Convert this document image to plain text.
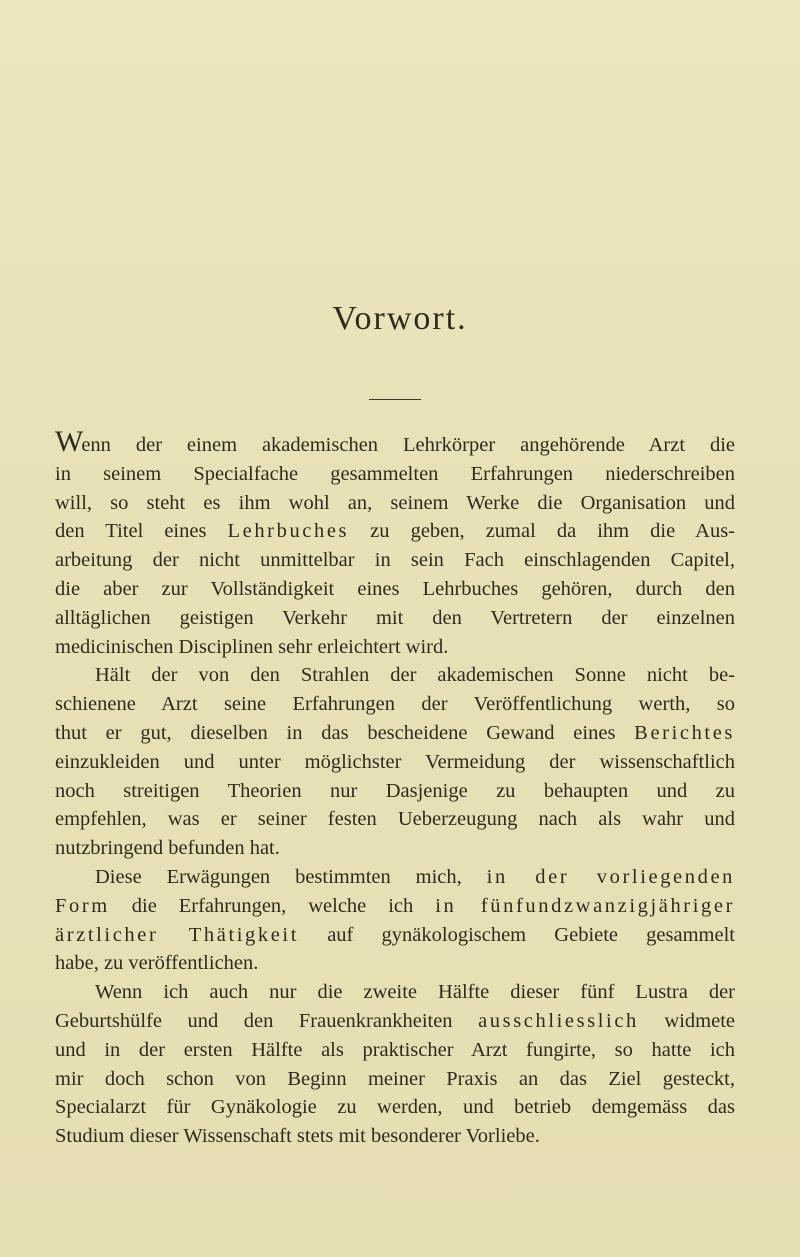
Vorwort.
Wenn der einem akademischen Lehrkörper angehörende Arzt die
in seinem Specialfache gesammelten Erfahrungen niederschreiben
will, so steht es ihm wohl an, seinem Werke die Organisation und
den Titel eines Lehrbuches zu geben, zumal da ihm die Aus-
arbeitung der nicht unmittelbar in sein Fach einschlagenden Capitel,
die aber zur Vollständigkeit eines Lehrbuches gehören, durch den
alltäglichen geistigen Verkehr mit den Vertretern der einzelnen
medicinischen Disciplinen sehr erleichtert wird.
Hält der von den Strahlen der akademischen Sonne nicht be-
schienene Arzt seine Erfahrungen der Veröffentlichung werth, so
thut er gut, dieselben in das bescheidene Gewand eines Berichtes
einzukleiden und unter möglichster Vermeidung der wissenschaftlich
noch streitigen Theorien nur Dasjenige zu behaupten und zu
empfehlen, was er seiner festen Ueberzeugung nach als wahr und
nutzbringend befunden hat.
Diese Erwägungen bestimmten mich, in der vorliegenden
Form die Erfahrungen, welche ich in fünfundzwanzigjähriger
ärztlicher Thätigkeit auf gynäkologischem Gebiete gesammelt
habe, zu veröffentlichen.
Wenn ich auch nur die zweite Hälfte dieser fünf Lustra der
Geburtshülfe und den Frauenkrankheiten ausschliesslich widmete
und in der ersten Hälfte als praktischer Arzt fungirte, so hatte ich
mir doch schon von Beginn meiner Praxis an das Ziel gesteckt,
Specialarzt für Gynäkologie zu werden, und betrieb demgemäss das
Studium dieser Wissenschaft stets mit besonderer Vorliebe.
